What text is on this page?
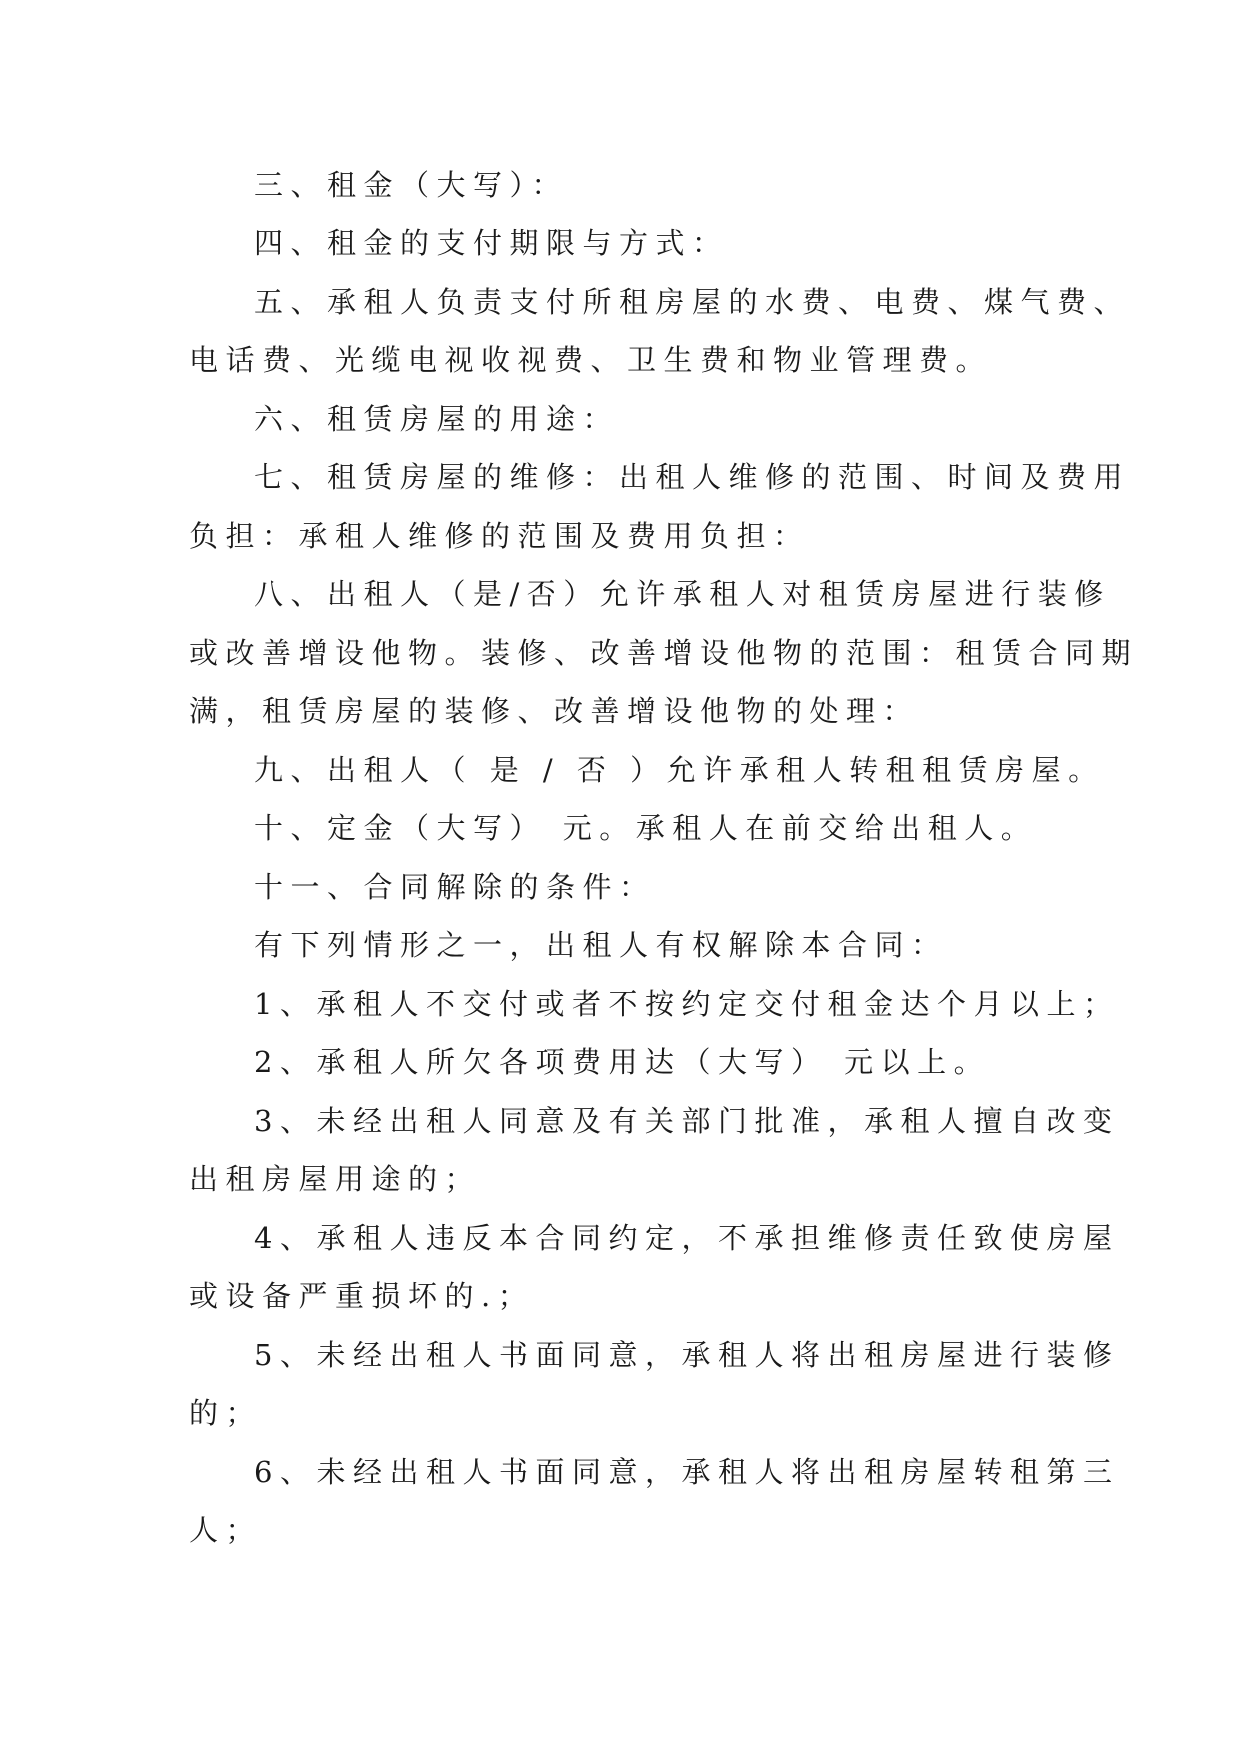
三、租金（大写）：
四、租金的支付期限与方式：
五、承租人负责支付所租房屋的水费、电费、煤气费、
电话费、光缆电视收视费、卫生费和物业管理费。
六、租赁房屋的用途：
七、租赁房屋的维修：出租人维修的范围、时间及费用
负担：承租人维修的范围及费用负担：
八、出租人（是/否）允许承租人对租赁房屋进行装修
或改善增设他物。装修、改善增设他物的范围：租赁合同期
满，租赁房屋的装修、改善增设他物的处理：
九、出租人（ 是 / 否 ）允许承租人转租租赁房屋。
十、定金（大写） 元。承租人在前交给出租人。
十一、合同解除的条件：
有下列情形之一，出租人有权解除本合同：
1、承租人不交付或者不按约定交付租金达个月以上；
2、承租人所欠各项费用达（大写） 元以上。
3、未经出租人同意及有关部门批准，承租人擅自改变
出租房屋用途的；
4、承租人违反本合同约定，不承担维修责任致使房屋
或设备严重损坏的.；
5、未经出租人书面同意，承租人将出租房屋进行装修
的；
6、未经出租人书面同意，承租人将出租房屋转租第三
人；
